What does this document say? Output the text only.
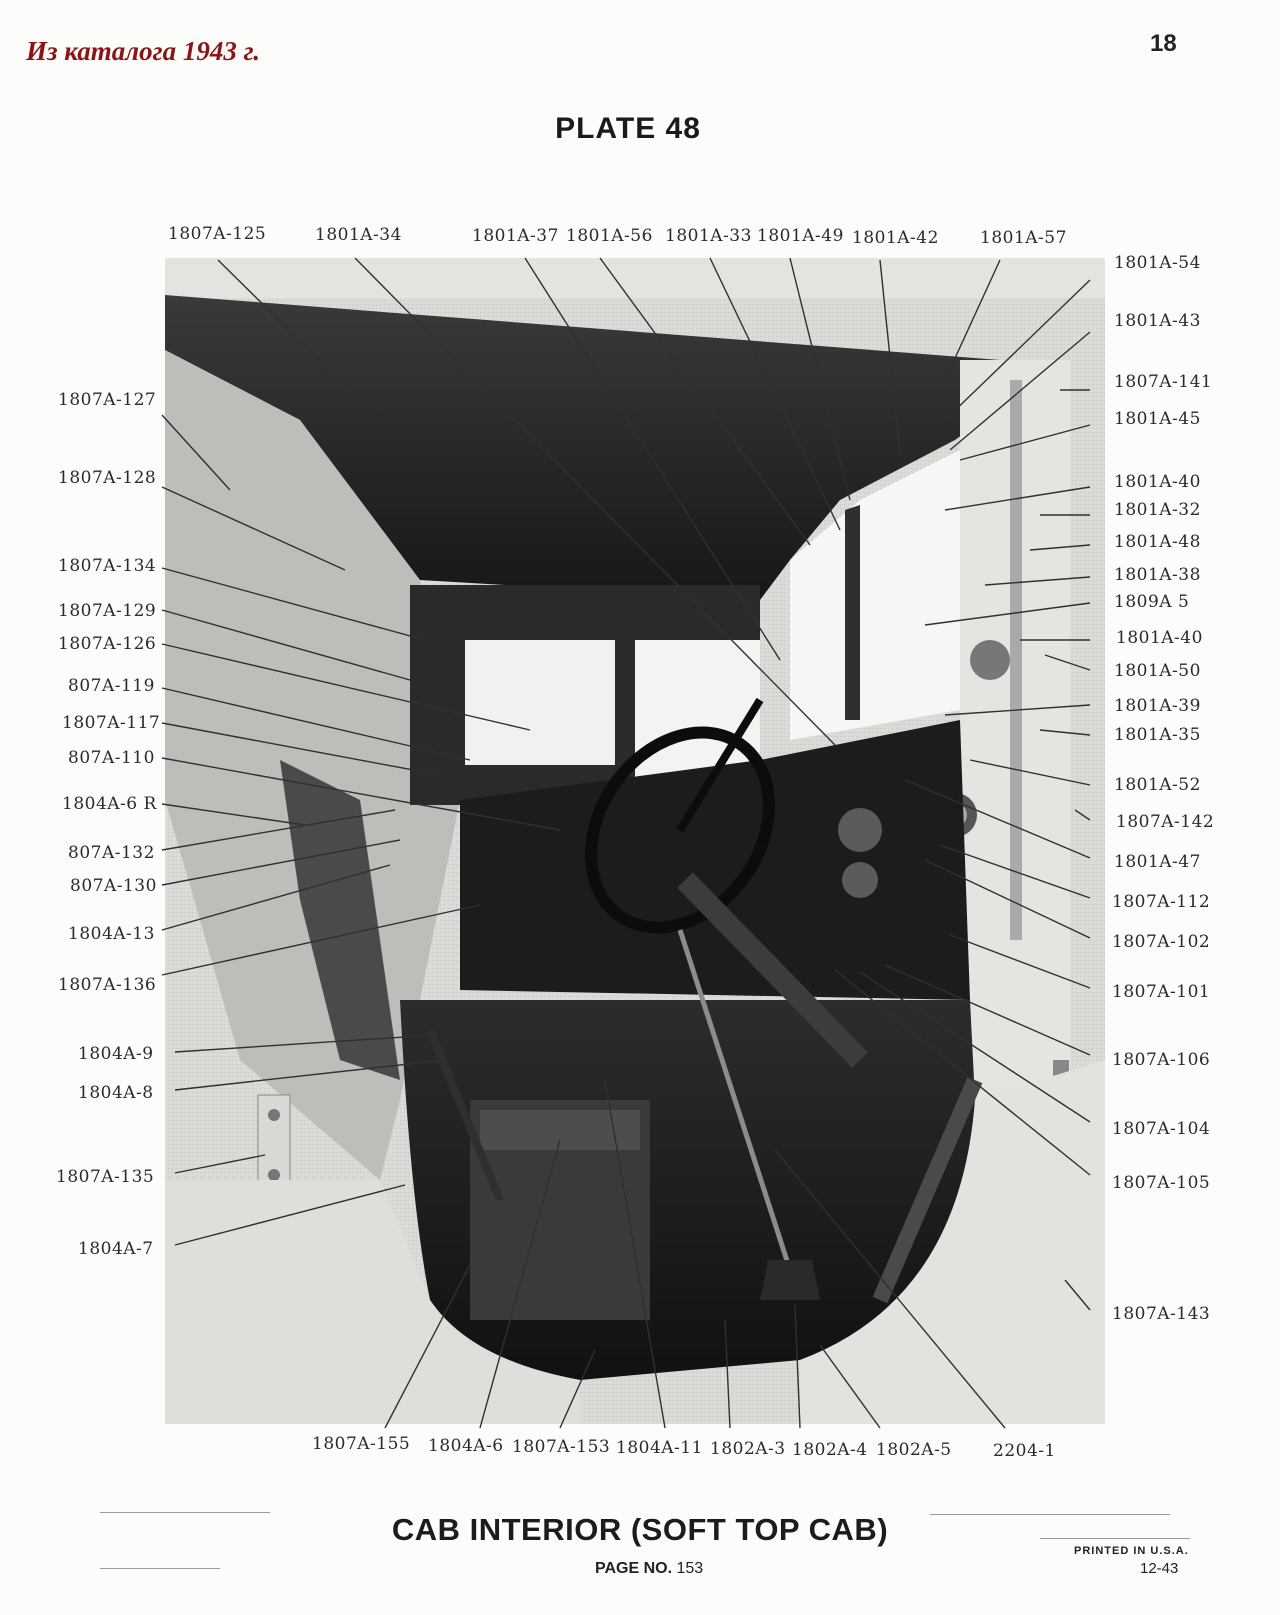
Из каталога 1943 г.	18
PLATE 48
1807A-125	1801A-34	1801A-37 1801A-56 1801A-33 1801A-49 1801A-42 1801A-57
1807A-127
1807A-128
1807A-134
1807A-129
1807A-126
807A-119
1807A-117
807A-110
1804A-6 R
807A-132
807A-130
1804A-13
1807A-136
1804A-9
1804A-8
1807A-135
1804A-7
1801A-54
1801A-43
1807A-141
1801A-45
1801A-40
1801A-32
1801A-48
1801A-38
1809A 5
1801A-40
1801A-50
1801A-39
1801A-35
1801A-52
1807A-142
1801A-47
1807A-112
1807A-102
1807A-101
1807A-106
1807A-104
1807A-105
1807A-143
1807A-155 1804A-6 1807A-153 1804A-11 1802A-3 1802A-4 1802A-5 2204-1
CAB INTERIOR (SOFT TOP CAB)
PAGE NO. 153
PRINTED IN U.S.A.
12-43
